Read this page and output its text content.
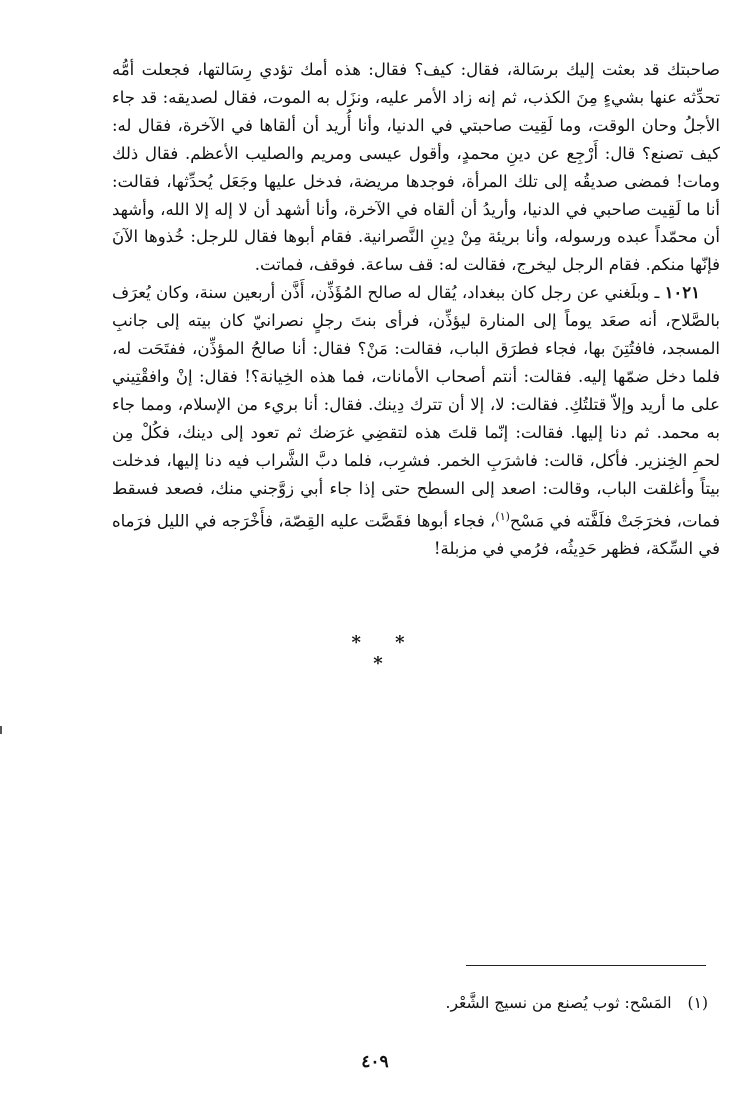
صاحبتك قد بعثت إليك برسَالة، فقال: كيف؟ فقال: هذه أمك تؤدي رِسَالتها، فجعلت أمُّه تحدِّثه عنها بشيءٍ مِنَ الكذب، ثم إنه زاد الأمر عليه، ونزَل به الموت، فقال لصديقه: قد جاء الأجلُ وحان الوقت، وما لَقِيت صاحبتي في الدنيا، وأنا أُريد أن ألقاها في الآخرة، فقال له: كيف تصنع؟ قال: أَرْجِع عن دينِ محمدٍ، وأقول عيسى ومريم والصليب الأعظم. فقال ذلك ومات! فمضى صديقُه إلى تلك المرأة، فوجدها مريضة، فدخل عليها وجَعَل يُحدِّثها، فقالت: أنا ما لَقِيت صاحبي في الدنيا، وأريدُ أن ألقاه في الآخرة، وأنا أشهد أن لا إله إلا الله، وأشهد أن محمّداً عبده ورسوله، وأنا بريئة مِنْ دِينِ النَّصرانية. فقام أبوها فقال للرجل: خُذوها الآنَ فإنّها منكم. فقام الرجل ليخرج، فقالت له: قف ساعة. فوقف، فماتت.

١٠٢١ ـ وبلَغني عن رجل كان ببغداد، يُقال له صالح المُؤَذِّن، أَذَّن أربعين سنة، وكان يُعرَف بالصَّلاح، أنه صعَد يوماً إلى المنارة ليؤذِّن، فرأى بنتَ رجلٍ نصرانيّ كان بيته إلى جانبِ المسجد، فافتُتِنَ بها، فجاء فطرَق الباب، فقالت: مَنْ؟ فقال: أنا صالحُ المؤذِّن، ففتَحَت له، فلما دخل ضمّها إليه. فقالت: أنتم أصحاب الأمانات، فما هذه الخِيانة؟! فقال: إنْ وافقْتِيني على ما أريد وإلاّ قتلتُكِ. فقالت: لا، إلا أن تترك دِينك. فقال: أنا بريء من الإسلام، ومما جاء به محمد. ثم دنا إليها. فقالت: إنّما قلتَ هذه لتقضِي غرَضك ثم تعود إلى دينك، فكُلْ مِن لحمِ الخِنزير. فأكل، قالت: فاشرَبِ الخمر. فشرِب، فلما دبَّ الشَّراب فيه دنا إليها، فدخلت بيتاً وأغلقت الباب، وقالت: اصعد إلى السطح حتى إذا جاء أبي زوَّجني منك، فصعد فسقط فمات، فخرَجَتْ فلَفَّته في مَسْح$^{(١)}$، فجاء أبوها فقَصَّت عليه القِصّة، فأَخْرَجه في الليل فرَماه في السِّكة، فظهر حَدِيثُه، فرُمي في مزبلة!

* * *
(١)المَسْح: ثوب يُصنع من نسيج الشَّعْر.
٤٠٩
